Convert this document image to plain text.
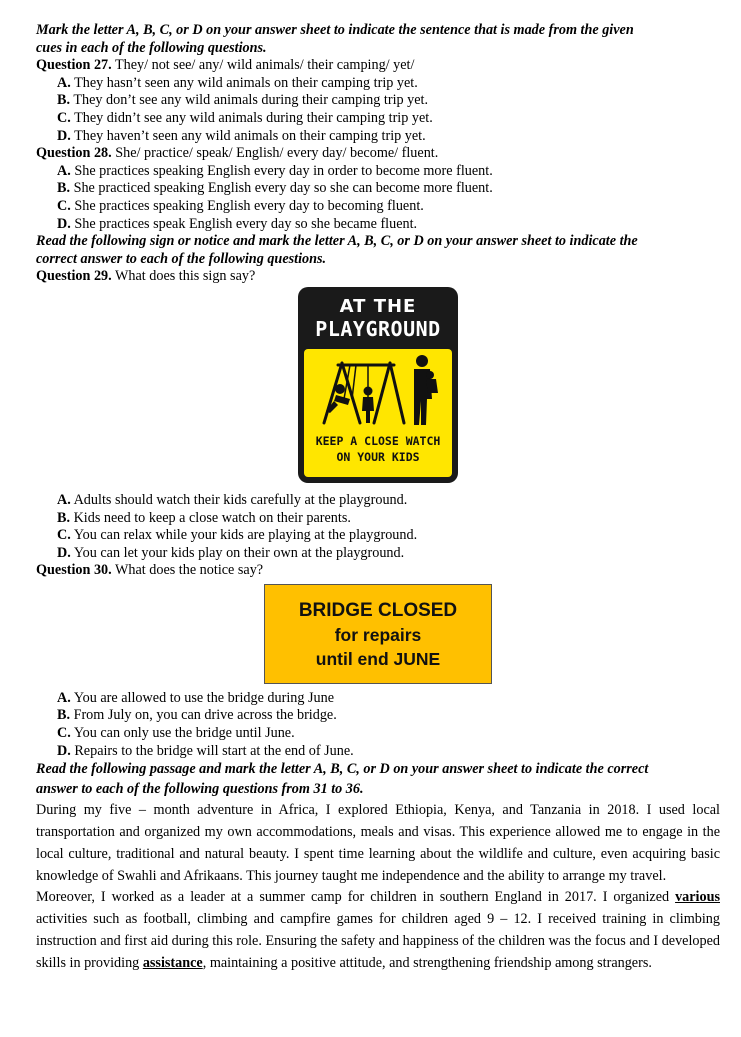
Mark the letter A, B, C, or D on your answer sheet to indicate the sentence that is made from the given
cues in each of the following questions.
Question 27. They/ not see/ any/ wild animals/ their camping/ yet/
A. They hasn’t seen any wild animals on their camping trip yet.
B. They don’t see any wild animals during their camping trip yet.
C. They didn’t see any wild animals during their camping trip yet.
D. They haven’t seen any wild animals on their camping trip yet.
Question 28. She/ practice/ speak/ English/ every day/ become/ fluent.
A. She practices speaking English every day in order to become more fluent.
B. She practiced speaking English every day so she can become more fluent.
C. She practices speaking English every day to becoming fluent.
D. She practices speak English every day so she became fluent.
Read the following sign or notice and mark the letter A, B, C, or D on your answer sheet to indicate the
correct answer to each of the following questions.
Question 29. What does this sign say?
AT THE
PLAYGROUND
KEEP A CLOSE WATCH
ON YOUR KIDS
A. Adults should watch their kids carefully at the playground.
B. Kids need to keep a close watch on their parents.
C. You can relax while your kids are playing at the playground.
D. You can let your kids play on their own at the playground.
Question 30. What does the notice say?
BRIDGE CLOSED
for repairs
until end JUNE
A. You are allowed to use the bridge during June
B. From July on, you can drive across the bridge.
C. You can only use the bridge until June.
D. Repairs to the bridge will start at the end of June.
Read the following passage and mark the letter A, B, C, or D on your answer sheet to indicate the correct
answer to each of the following questions from 31 to 36.
During my five – month adventure in Africa, I explored Ethiopia, Kenya, and Tanzania in 2018. I used local transportation and organized my own accommodations, meals and visas. This experience allowed me to engage in the local culture, traditional and natural beauty. I spent time learning about the wildlife and culture, even acquiring basic knowledge of Swahli and Afrikaans. This journey taught me independence and the ability to arrange my travel.
Moreover, I worked as a leader at a summer camp for children in southern England in 2017. I organized various activities such as football, climbing and campfire games for children aged 9 – 12. I received training in climbing instruction and first aid during this role. Ensuring the safety and happiness of the children was the focus and I developed skills in providing assistance, maintaining a positive attitude, and strengthening friendship among strangers.
